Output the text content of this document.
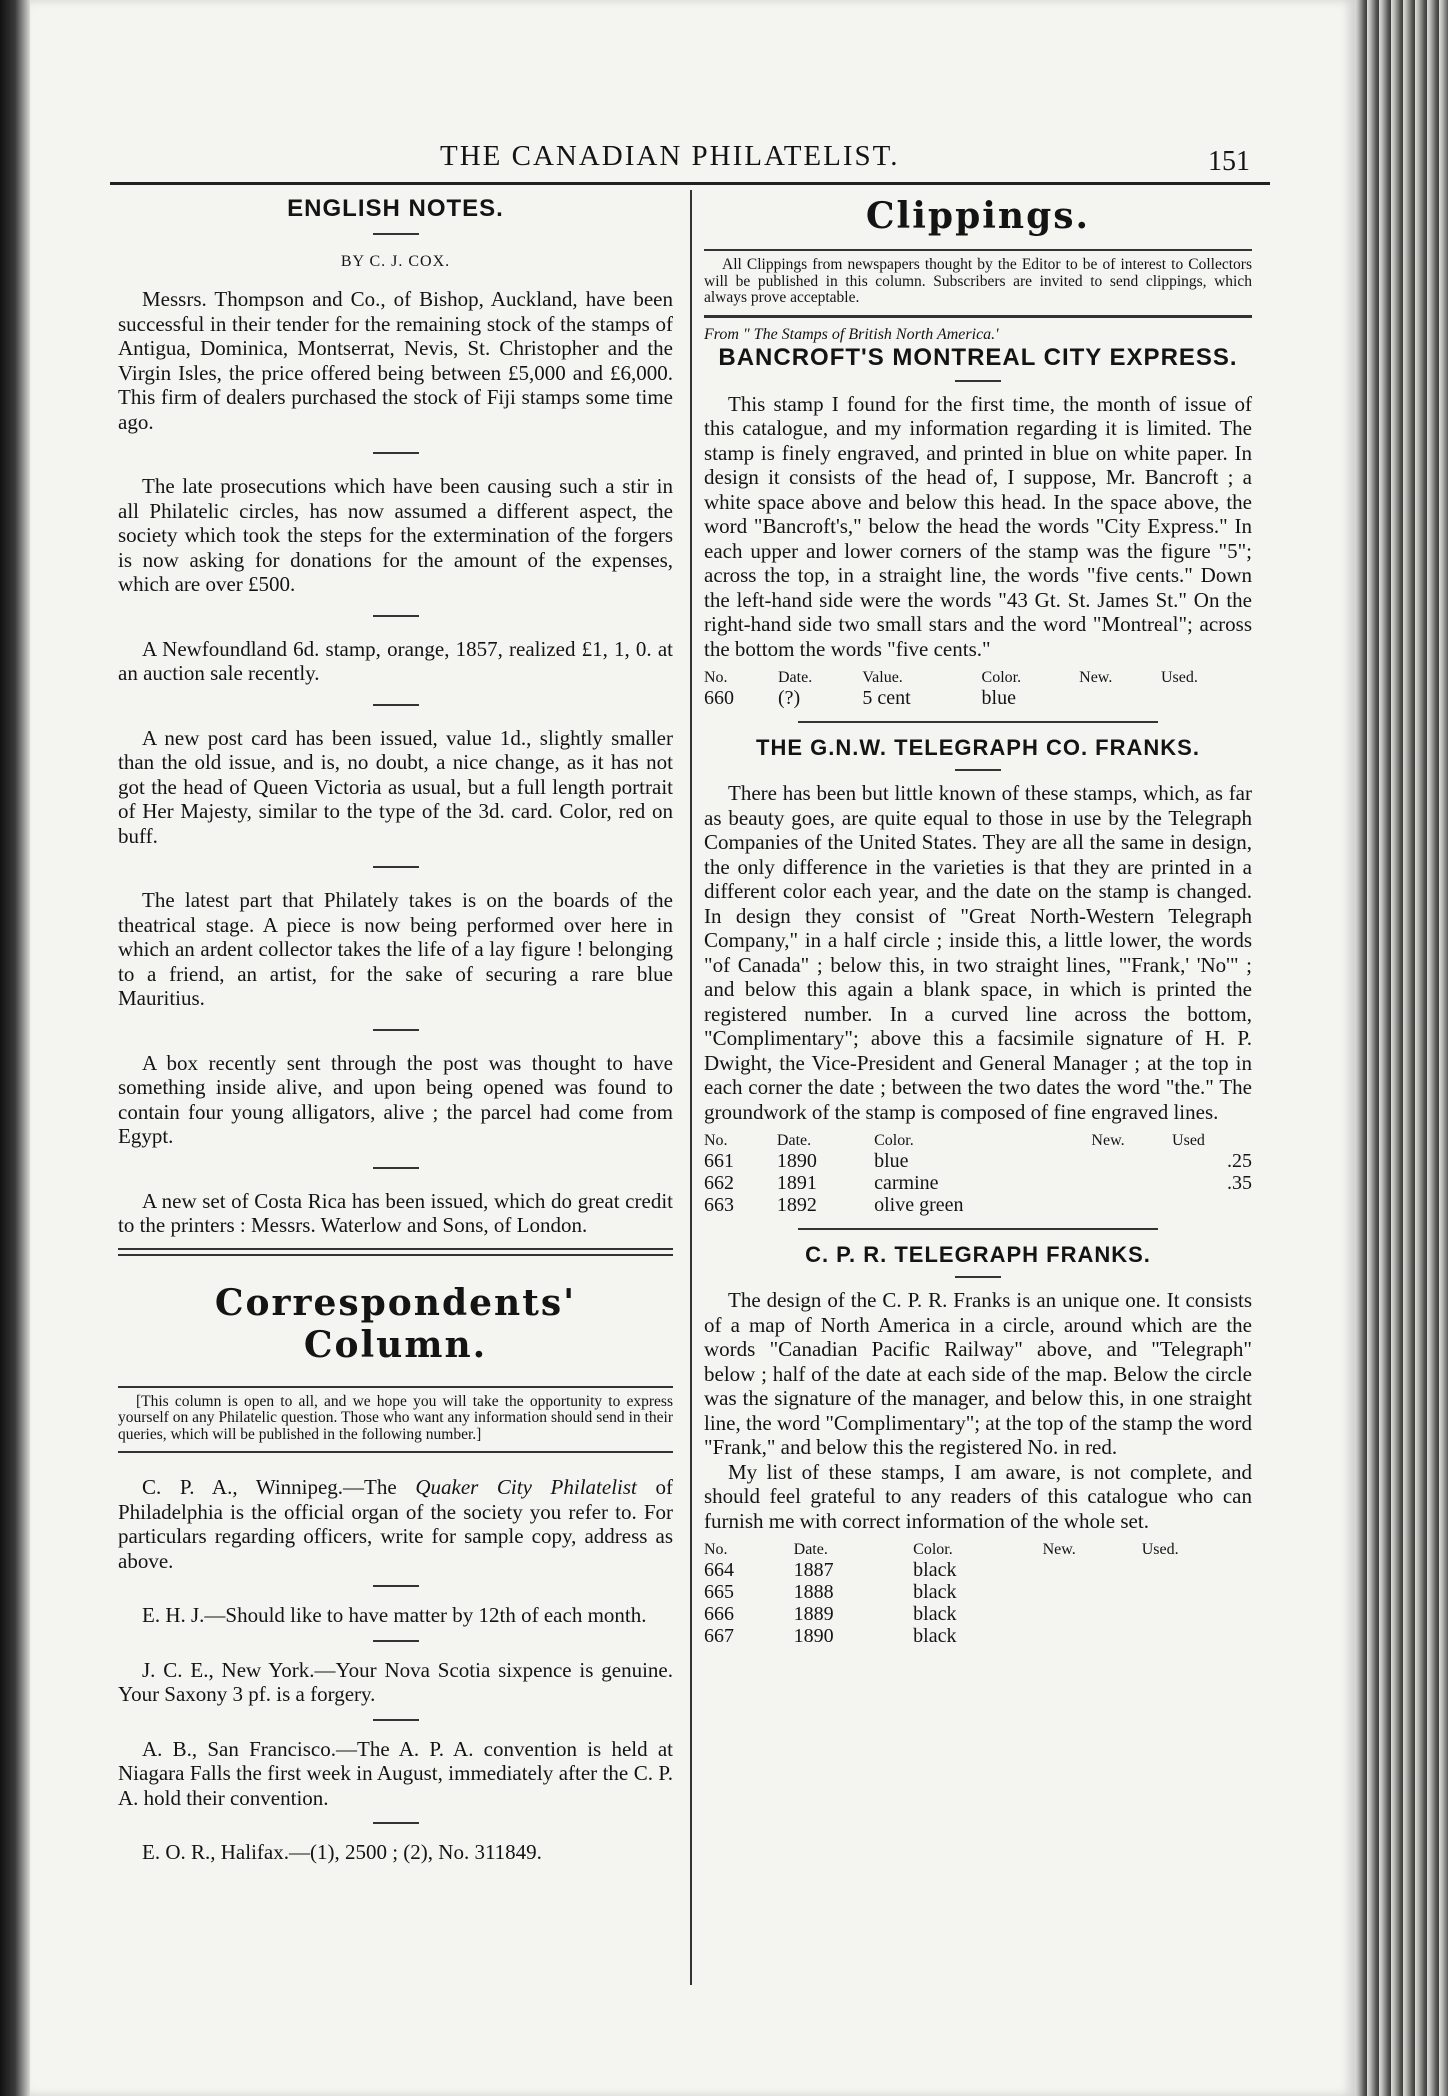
THE CANADIAN PHILATELIST.	151
ENGLISH NOTES.
BY C. J. COX.

Messrs. Thompson and Co., of Bishop, Auckland, have been successful in their tender for the remaining stock of the stamps of Antigua, Dominica, Montserrat, Nevis, St. Christopher and the Virgin Isles, the price offered being between £5,000 and £6,000. This firm of dealers purchased the stock of Fiji stamps some time ago.

The late prosecutions which have been causing such a stir in all Philatelic circles, has now assumed a different aspect, the society which took the steps for the extermination of the forgers is now asking for donations for the amount of the expenses, which are over £500.

A Newfoundland 6d. stamp, orange, 1857, realized £1, 1, 0. at an auction sale recently.

A new post card has been issued, value 1d., slightly smaller than the old issue, and is, no doubt, a nice change, as it has not got the head of Queen Victoria as usual, but a full length portrait of Her Majesty, similar to the type of the 3d. card. Color, red on buff.

The latest part that Philately takes is on the boards of the theatrical stage. A piece is now being performed over here in which an ardent collector takes the life of a lay figure ! belonging to a friend, an artist, for the sake of securing a rare blue Mauritius.

A box recently sent through the post was thought to have something inside alive, and upon being opened was found to contain four young alligators, alive ; the parcel had come from Egypt.

A new set of Costa Rica has been issued, which do great credit to the printers : Messrs. Waterlow and Sons, of London.

Correspondents' Column.

[This column is open to all, and we hope you will take the opportunity to express yourself on any Philatelic question. Those who want any information should send in their queries, which will be published in the following number.]

C. P. A., Winnipeg.—The Quaker City Philatelist of Philadelphia is the official organ of the society you refer to. For particulars regarding officers, write for sample copy, address as above.

E. H. J.—Should like to have matter by 12th of each month.

J. C. E., New York.—Your Nova Scotia sixpence is genuine. Your Saxony 3 pf. is a forgery.

A. B., San Francisco.—The A. P. A. convention is held at Niagara Falls the first week in August, immediately after the C. P. A. hold their convention.

E. O. R., Halifax.—(1), 2500 ; (2), No. 311849.

Clippings.

All Clippings from newspapers thought by the Editor to be of interest to Collectors will be published in this column. Subscribers are invited to send clippings, which always prove acceptable.

From " The Stamps of British North America.'
BANCROFT'S MONTREAL CITY EXPRESS.

This stamp I found for the first time, the month of issue of this catalogue, and my information regarding it is limited. The stamp is finely engraved, and printed in blue on white paper. In design it consists of the head of, I suppose, Mr. Bancroft ; a white space above and below this head. In the space above, the word "Bancroft's," below the head the words "City Express." In each upper and lower corners of the stamp was the figure "5"; across the top, in a straight line, the words "five cents." Down the left-hand side were the words "43 Gt. St. James St." On the right-hand side two small stars and the word "Montreal"; across the bottom the words "five cents."

No.	Date.	Value.	Color.	New.	Used.
660	(?)	5 cent	blue		
THE G.N.W. TELEGRAPH CO. FRANKS.

There has been but little known of these stamps, which, as far as beauty goes, are quite equal to those in use by the Telegraph Companies of the United States. They are all the same in design, the only difference in the varieties is that they are printed in a different color each year, and the date on the stamp is changed. In design they consist of "Great North-Western Telegraph Company," in a half circle ; inside this, a little lower, the words "of Canada" ; below this, in two straight lines, "'Frank,' 'No'" ; and below this again a blank space, in which is printed the registered number. In a curved line across the bottom, "Complimentary"; above this a facsimile signature of H. P. Dwight, the Vice-President and General Manager ; at the top in each corner the date ; between the two dates the word "the." The groundwork of the stamp is composed of fine engraved lines.

No.	Date.	Color.	New.	Used
661	1890	blue		.25
662	1891	carmine		.35
663	1892	olive green		
C. P. R. TELEGRAPH FRANKS.

The design of the C. P. R. Franks is an unique one. It consists of a map of North America in a circle, around which are the words "Canadian Pacific Railway" above, and "Telegraph" below ; half of the date at each side of the map. Below the circle was the signature of the manager, and below this, in one straight line, the word "Complimentary"; at the top of the stamp the word "Frank," and below this the registered No. in red.

My list of these stamps, I am aware, is not complete, and should feel grateful to any readers of this catalogue who can furnish me with correct information of the whole set.

No.	Date.	Color.	New.	Used.
664	1887	black		
665	1888	black		
666	1889	black		
667	1890	black		
